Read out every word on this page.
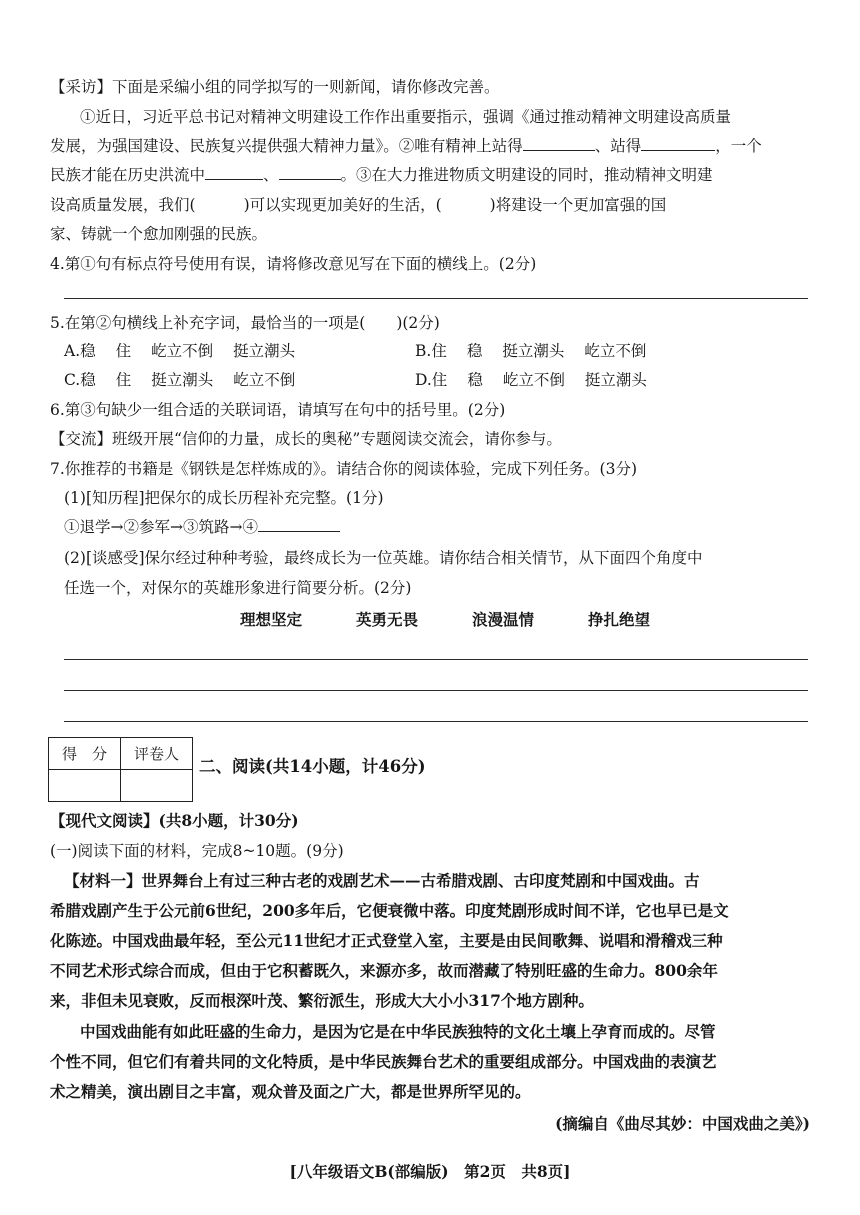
【采访】下面是采编小组的同学拟写的一则新闻，请你修改完善。
①近日，习近平总书记对精神文明建设工作作出重要指示，强调《通过推动精神文明建设高质量
发展，为强国建设、民族复兴提供强大精神力量》。②唯有精神上站得	、站得	，一个
民族才能在历史洪流中	、	。③在大力推进物质文明建设的同时，推动精神文明建
设高质量发展，我们(	)可以实现更加美好的生活，(	)将建设一个更加富强的国
家、铸就一个愈加刚强的民族。
4.第①句有标点符号使用有误，请将修改意见写在下面的横线上。(2分)
5.在第②句横线上补充字词，最恰当的一项是(　　)(2分)
A.稳 住 屹立不倒 挺立潮头	B.住 稳 挺立潮头 屹立不倒
C.稳 住 挺立潮头 屹立不倒	D.住 稳 屹立不倒 挺立潮头
6.第③句缺少一组合适的关联词语，请填写在句中的括号里。(2分)
【交流】班级开展“信仰的力量，成长的奥秘”专题阅读交流会，请你参与。
7.你推荐的书籍是《钢铁是怎样炼成的》。请结合你的阅读体验，完成下列任务。(3分)
(1)[知历程]把保尔的成长历程补充完整。(1分)
①退学→②参军→③筑路→④
(2)[谈感受]保尔经过种种考验，最终成长为一位英雄。请你结合相关情节，从下面四个角度中
任选一个，对保尔的英雄形象进行简要分析。(2分)
理想坚定	英勇无畏	浪漫温情	挣扎绝望
得　分	评卷人

二、阅读(共14小题，计46分)
【现代文阅读】(共8小题，计30分)
(一)阅读下面的材料，完成8~10题。(9分)
【材料一】世界舞台上有过三种古老的戏剧艺术——古希腊戏剧、古印度梵剧和中国戏曲。古
希腊戏剧产生于公元前6世纪，200多年后，它便衰微中落。印度梵剧形成时间不详，它也早已是文
化陈迹。中国戏曲最年轻，至公元11世纪才正式登堂入室，主要是由民间歌舞、说唱和滑稽戏三种
不同艺术形式综合而成，但由于它积蓄既久，来源亦多，故而潜藏了特别旺盛的生命力。800余年
来，非但未见衰败，反而根深叶茂、繁衍派生，形成大大小小317个地方剧种。
中国戏曲能有如此旺盛的生命力，是因为它是在中华民族独特的文化土壤上孕育而成的。尽管
个性不同，但它们有着共同的文化特质，是中华民族舞台艺术的重要组成部分。中国戏曲的表演艺
术之精美，演出剧目之丰富，观众普及面之广大，都是世界所罕见的。
(摘编自《曲尽其妙：中国戏曲之美》)
[八年级语文B(部编版)　第2页　共8页]
